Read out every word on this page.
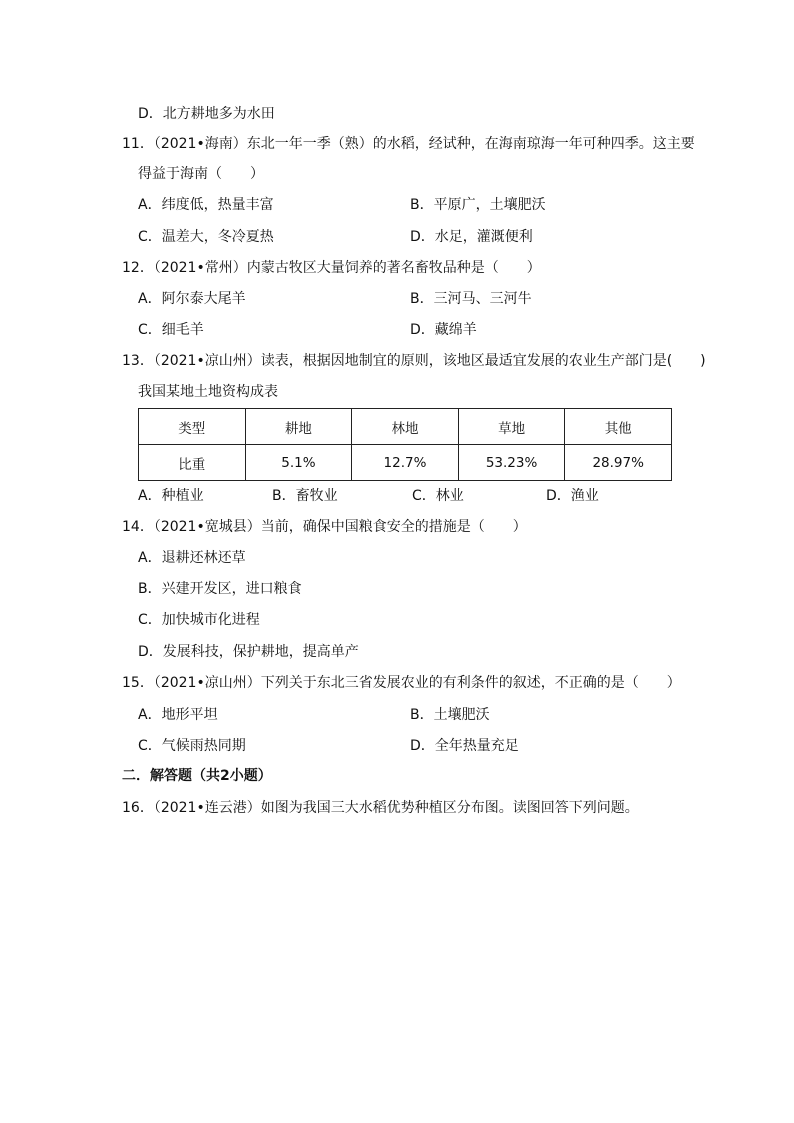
D．北方耕地多为水田
11．（2021•海南）东北一年一季（熟）的水稻，经试种，在海南琼海一年可种四季。这主要
得益于海南（　　）
A．纬度低，热量丰富	B．平原广，土壤肥沃
C．温差大，冬冷夏热	D．水足，灌溉便利
12．（2021•常州）内蒙古牧区大量饲养的著名畜牧品种是（　　）
A．阿尔泰大尾羊	B．三河马、三河牛
C．细毛羊	D．藏绵羊
13．（2021•凉山州）读表，根据因地制宜的原则，该地区最适宜发展的农业生产部门是(　　)
我国某地土地资构成表
类型	耕地	林地	草地	其他
比重	5.1%	12.7%	53.23%	28.97%
A．种植业	B．畜牧业	C．林业	D．渔业
14．（2021•宽城县）当前，确保中国粮食安全的措施是（　　）
A．退耕还林还草
B．兴建开发区，进口粮食
C．加快城市化进程
D．发展科技，保护耕地，提高单产
15．（2021•凉山州）下列关于东北三省发展农业的有利条件的叙述，不正确的是（　　）
A．地形平坦	B．土壤肥沃
C．气候雨热同期	D．全年热量充足
二．解答题（共2小题）
16．（2021•连云港）如图为我国三大水稻优势种植区分布图。读图回答下列问题。
